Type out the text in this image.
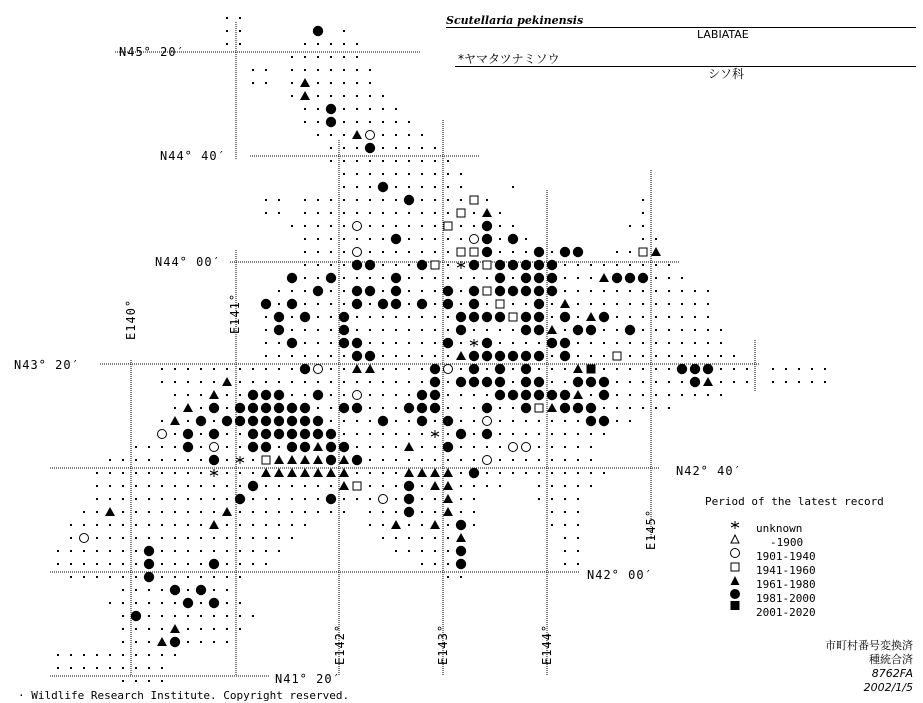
Scutellaria pekinensis
LABIATAE
*ヤマタツナミソウ
シソ科
N45° 20′
N44° 40′
N44° 00′
N43° 20′
N42° 40′
N42° 00′
N41° 20′
E140°	E141°
E142°	E143°	E144°
E145°
Period of the latest record
unknown
-1900
1901-1940
1941-1960
1961-1980
1981-2000
2001-2020
市町村番号変換済
種統合済
8762FA
2002/1/5
· Wildlife Research Institute. Copyright reserved.
